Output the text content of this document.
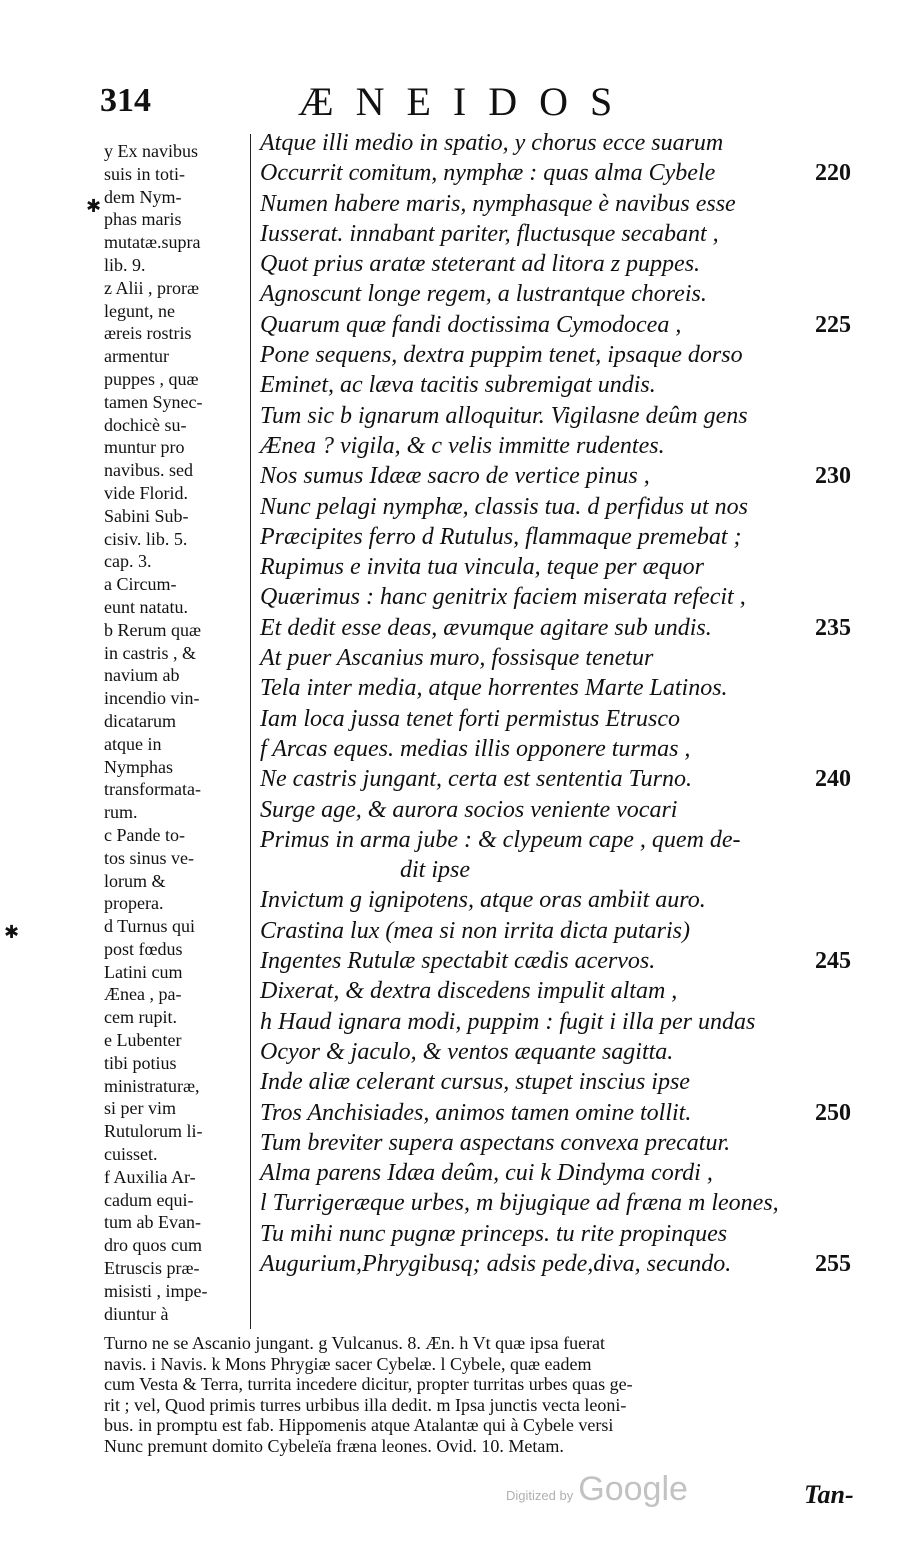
314	ÆNEIDOS
y Ex navibus
suis in toti-
dem Nym-
phas maris
mutatæ.supra
lib. 9.
z Alii , proræ
legunt, ne
æreis rostris
armentur
puppes , quæ
tamen Synec-
dochicè su-
muntur pro
navibus. sed
vide Florid.
Sabini Sub-
cisiv. lib. 5.
cap. 3.
a Circum-
eunt natatu.
b Rerum quæ
in castris , &
navium ab
incendio vin-
dicatarum
atque in
Nymphas
transformata-
rum.
c Pande to-
tos sinus ve-
lorum &
propera.
d Turnus qui
post fœdus
Latini cum
Ænea , pa-
cem rupit.
e Lubenter
tibi potius
ministraturæ,
si per vim
Rutulorum li-
cuisset.
f Auxilia Ar-
cadum equi-
tum ab Evan-
dro quos cum
Etruscis præ-
misisti , impe-
diuntur à
Atque illi medio in spatio, y chorus ecce suarum
Occurrit comitum, nymphæ : quas alma Cybele	220
Numen habere maris, nymphasque è navibus esse
Iusserat. innabant pariter, fluctusque secabant ,
Quot prius aratæ steterant ad litora z puppes.
Agnoscunt longe regem, a lustrantque choreis.
Quarum quæ fandi doctissima Cymodocea ,	225
Pone sequens, dextra puppim tenet, ipsaque dorso
Eminet, ac læva tacitis subremigat undis.
Tum sic b ignarum alloquitur. Vigilasne deûm gens
Ænea ? vigila, & c velis immitte rudentes.
Nos sumus Idææ sacro de vertice pinus ,	230
Nunc pelagi nymphæ, classis tua. d perfidus ut nos
Præcipites ferro d Rutulus, flammaque premebat ;
Rupimus e invita tua vincula, teque per æquor
Quærimus : hanc genitrix faciem miserata refecit ,
Et dedit esse deas, ævumque agitare sub undis.	235
At puer Ascanius muro, fossisque tenetur
Tela inter media, atque horrentes Marte Latinos.
Iam loca jussa tenet forti permistus Etrusco
f Arcas eques. medias illis opponere turmas ,
Ne castris jungant, certa est sententia Turno.	240
Surge age, & aurora socios veniente vocari
Primus in arma jube : & clypeum cape , quem de-
dit ipse
Invictum g ignipotens, atque oras ambiit auro.
Crastina lux (mea si non irrita dicta putaris)
Ingentes Rutulæ spectabit cædis acervos.	245
Dixerat, & dextra discedens impulit altam ,
h Haud ignara modi, puppim : fugit i illa per undas
Ocyor & jaculo, & ventos æquante sagitta.
Inde aliæ celerant cursus, stupet inscius ipse
Tros Anchisiades, animos tamen omine tollit.	250
Tum breviter supera aspectans convexa precatur.
Alma parens Idæa deûm, cui k Dindyma cordi ,
l Turrigeræque urbes, m bijugique ad fræna m leones,
Tu mihi nunc pugnæ princeps. tu rite propinques
Augurium,Phrygibusq; adsis pede,diva, secundo.	255
Turno ne se Ascanio jungant. g Vulcanus. 8. Æn. h Vt quæ ipsa fuerat
navis. i Navis. k Mons Phrygiæ sacer Cybelæ. l Cybele, quæ eadem
cum Vesta & Terra, turrita incedere dicitur, propter turritas urbes quas ge-
rit ; vel, Quod primis turres urbibus illa dedit. m Ipsa junctis vecta leoni-
bus. in promptu est fab. Hippomenis atque Atalantæ qui à Cybele versi
Nunc premunt domito Cybeleïa fræna leones. Ovid. 10. Metam.
✱
✱
Digitized by Google	Tan-
